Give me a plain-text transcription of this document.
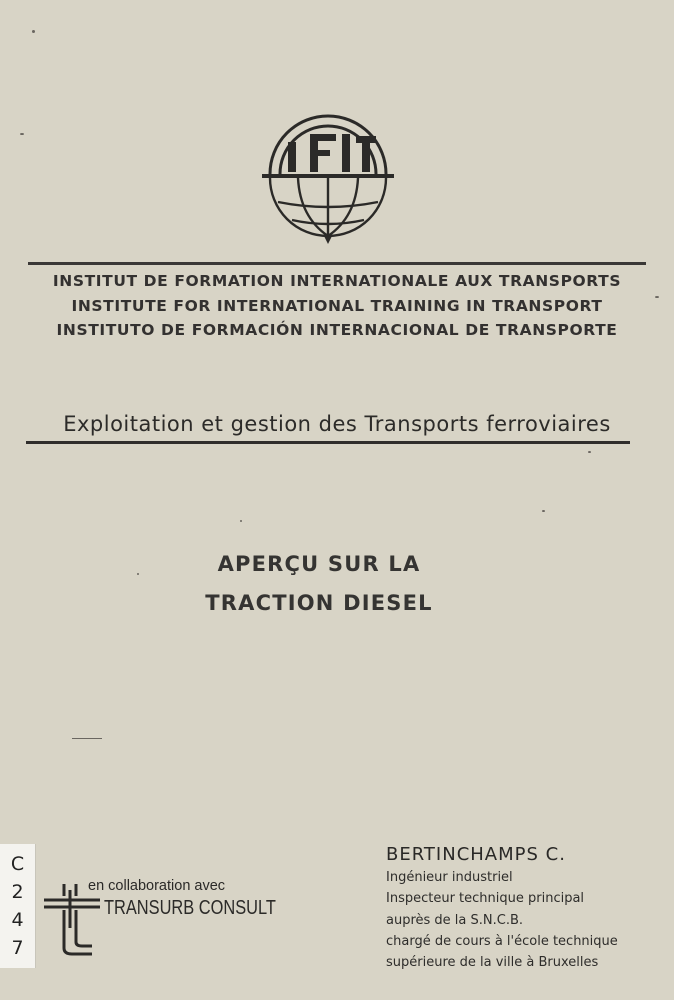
INSTITUT DE FORMATION INTERNATIONALE AUX TRANSPORTS
INSTITUTE FOR INTERNATIONAL TRAINING IN TRANSPORT
INSTITUTO DE FORMACIÓN INTERNACIONAL DE TRANSPORTE
Exploitation et gestion des Transports ferroviaires
APERÇU SUR LA
TRACTION DIESEL
BERTINCHAMPS C.
Ingénieur industriel
Inspecteur technique principal
auprès de la S.N.C.B.
chargé de cours à l'école technique
supérieure de la ville à Bruxelles
en collaboration avec
TRANSURB CONSULT
C
2
4
7
